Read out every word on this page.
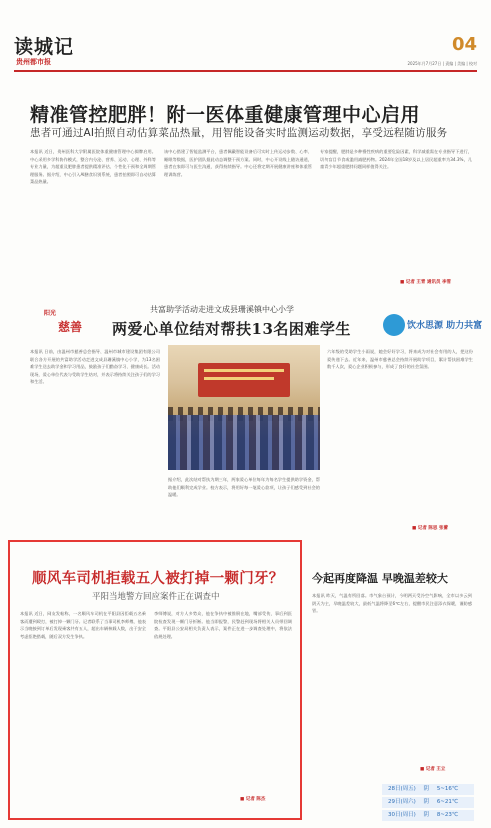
读城记
贵州都市报
04
2025年月7月27日 | 责编 | 美编 | 校对
精准管控肥胖！附一医体重健康管理中心启用
患者可通过AI拍照自动估算菜品热量，用智能设备实时监测运动数据，享受远程随访服务
本报讯 近日，贵州医科大学附属医院体重健康管理中心揭牌启用。中心采用多学科协作模式，整合内分泌、营养、运动、心理、外科等专业力量，为超重及肥胖患者提供精准评估、个性化干预和全周期管理服务。据介绍，中心引入AI膳食识别系统，患者拍照即可自动估算菜品热量。
该中心搭建了智能监测平台，患者佩戴智能设备后可实时上传运动步数、心率、睡眠等数据，医护团队据此动态调整干预方案。同时，中心开设线上随访通道，患者在家即可与医生沟通，获得持续指导。中心还将定期开展健康讲座和体重管理训练营。
专家提醒，肥胖是多种慢性疾病的重要危险因素，科学减重需在专业指导下进行，切勿盲目节食或滥用减肥药物。2024年全国18岁及以上居民超重率为34.3%，儿童青少年超重肥胖问题同样值得关注。
■ 记者 王青 通讯员 李雪
阳光
慈善
共富助学活动走进文成县珊溪镇中心小学
两爱心单位结对帮扶13名困难学生	饮水思源 助力共富
本报讯 日前，由温州市慈善总会指导、温州市城市建设集团有限公司联合各方开展的共富助学活动走进文成县珊溪镇中心小学，为13名困难学生送去助学金和学习用品，鼓励孩子们勤奋学习、健康成长。活动现场，爱心单位代表与受助学生结对，并表示将持续关注孩子们的学习和生活。
据介绍，此次结对帮扶为期三年，两家爱心单位每年为每名学生提供助学资金，帮助他们顺利完成学业。校方表示，将用好每一笔爱心款项，让孩子们感受到社会的温暖。
六年级的受助学生小雨说，她会好好学习，将来成为对社会有用的人，把这份爱传递下去。近年来，温州市慈善总会持续开展助学项目，累计帮扶困难学生数千人次，爱心企业积极参与，形成了良好的社会氛围。
■ 记者 陈思 张蕾
顺风车司机拒载五人被打掉一颗门牙？
平阳当地警方回应案件正在调查中
本报讯 近日，网友发帖称，一名顺风车司机在平阳县因拒载五名乘客而遭到殴打，被打掉一颗门牙。记者联系了当事司机李师傅，他表示当晚接到订单后发现乘客共有五人，超出车辆核载人数，出于安全考虑拒绝搭载，随后双方发生争执。
李师傅说，对方人多势众，他在争执中被推倒在地，嘴部受伤，事后到医院检查发现一颗门牙折断。他当即报警，民警赶到现场将相关人员带回调查。平阳县公安局相关负责人表示，案件正在进一步调查处理中，将依法依规处理。
■ 记者 陈杰
今起再度降温 早晚温差较大
本报讯 昨天，气温有所回落。市气象台预计，今明两天受冷空气影响，全市以多云到阴天为主，早晚温差较大，最低气温将降至6℃左右，提醒市民注意添衣保暖，谨防感冒。
■ 记者 王立
28日(周五) 阴 5~16℃
29日(周六) 阴 6~21℃
30日(周日) 阴 8~23℃
